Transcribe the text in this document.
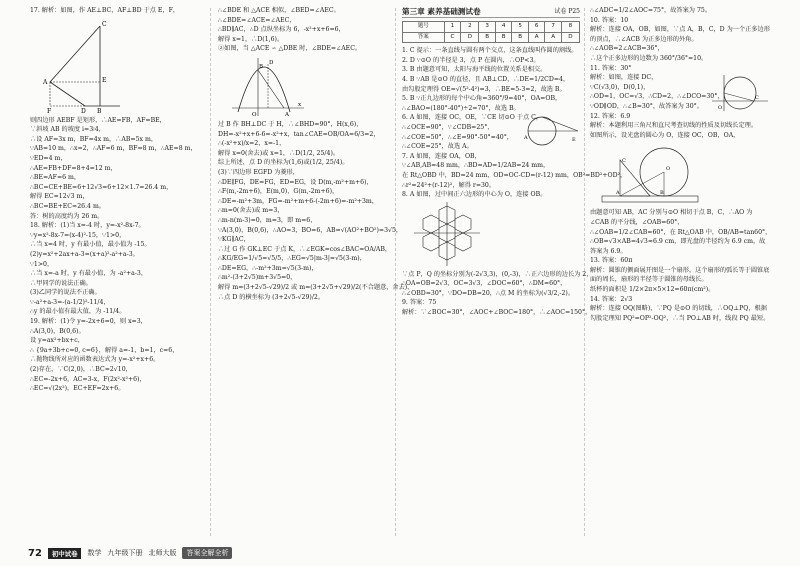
17. 解析：如图，作 AE⊥BC，AF⊥BD 于点 E，F，
C
A	E
F	D B
则四边形 AEBF 是矩形，∴AE=FB，AF=BE，
∵斜坡 AB 的坡度 i=3∶4，
∴设 AF=3x m，BF=4x m，∴AB=5x m，
∵AB=10 m，∴x=2，∴AF=6 m，BF=8 m，∴AE=8 m，
∵ED=4 m，
∴AE=FB+DF=8+4=12 m，
∴BE=AF=6 m，
∴BC=CE+BE=6+12√3=6+12×1.7=26.4 m，
解得 EC=12√3 m，
∴BC=BE+EC≈26.4 m。
答：树的高度约为 26 m。
18. 解析：(1)当 x=-4 时，y=-x²-8x-7。
∵y=x²-8x-7=(x-4)²-15，∵1>0，
∴当 x=4 时，y 有最小值，最小值为 -15。
(2)y=x²+2ax+a-3=(x+a)²-a²+a-3。
∵1>0，
∴当 x=-a 时，y 有最小值，为 -a²+a-3，
∴甲同学的说法正确。
(3)乙同学的说法不正确。
∵-a²+a-3=-(a-1/2)²-11/4，
∴y 的最小值有最大值，为 -11/4。
19. 解析：(1)令 y=-2x+6=0，则 x=3，
∴A(3,0)，B(0,6)。
设 y=ax²+bx+c，
∴ {9a+3b+c=0, c=6}，解得 a=-1，b=1，c=6，
∴抛物线所对应的函数表达式为 y=-x²+x+6。
(2)存在，∵C(2,0)，∴BC=2√10，
∴EC=-2x+6，AC=3-x，F(2x²-x²+6)，
∴EC=√(2x²)，EC+EF=2x+6。
∴∠BDE 和 △ACE 相似，∠BED=∠AEC。
∴∠BDE=∠ACE=∠AEC，
∴BD∥AC，∴D 点纵坐标为 6，-x²+x+6=6，
解得 x=1，∴D(1,6)。
②如图，当 △ACE ∽ △DBE 时，∠BDE=∠AEC。
O
B
D
A
x
过 B 作 BH⊥DC 于 H，∴∠BHD=90°，H(x,6)，
DH=-x²+x+6-6=-x²+x，tan∠CAE=OB/OA=6/3=2，
∴(-x²+x)/x=2，x=-1，
解得 x=0(舍去)或 x=1，∴D(1/2, 25/4)。
综上所述，点 D 的坐标为(1,6)或(1/2, 25/4)。
(3)∵四边形 EGFD 为菱形，
∴DE∥FG，DE=FG，ED=EG，设 D(m,-m²+m+6)，
∴F(m,-2m+6)，E(m,0)，G(m,-2m+6)，
∴DE=-m²+3m，FG=-m²+m+6-(-2m+6)=-m²+3m，
∴m=0(舍去)或 m=3，
∴m-n(m-3)=0，m=3，即 m=6，
∵A(3,0)，B(0,6)，∴AO=3，BO=6，AB=√(AO²+BO²)=3√5，
∵KG∥AC，
∴过 G 作 GK⊥EC 于点 K，∴∠EGK=cos∠BAC=OA/AB，
∴KG/EG=1/√5=√5/5，∴EG=√5|m-3|=√5(3-m)，
∴DE=EG，∴-m²+3m=√5(3-m)，
∴m²-(3+2√5)m+3√5=0，
解得 m=(3+2√5-√29)/2 或 m=(3+2√5+√29)/2(不合题意，舍去)，
∴点 D 的横坐标为 (3+2√5-√29)/2。
第三章 素养基础测试卷	试卷 P25
题号	1	2	3	4	5	6	7	8
答案	C	D	B	B	B	A	A	D
1. C 提示：一条直线与圆有两个交点，这条直线叫作圆的割线。
2. D ∵⊙O 的半径是 3，点 P 在圆内，∴OP<3。
3. B 由题意可知，太阳与海平线的位置关系是相交。
4. B ∵AB 是⊙O 的直径，且 AB⊥CD，∴DE=1/2CD=4，
由勾股定理得 OE=√(5²-4²)=3，∴BE=5-3=2，故选 B。
5. B ∵正九边形的每个中心角=360°/9=40°，OA=OB，
∴∠BAO=(180°-40°)÷2=70°，故选 B。
A	E
6. A 如图，连接 OC，OE，∵CE 切⊙O 于点 C，
∴∠OCE=90°，∵∠CDB=25°，
∴∠COE=50°，∴∠E=90°-50°=40°，
∴∠COE=25°，故选 A。
7. A 如图，连接 OA，OB，
∵∠AB,AB=48 mm，∴BD=AD=1/2AB=24 mm，
在 Rt△OBD 中，BD=24 mm，OD=OC-CD=(r-12) mm，OB²=BD²+OD²，
∴r²=24²+(r-12)²，解得 r=30。
8. A 如图，过中间正六边形的中心为 O，连接 OB。
∵点 P，Q 的坐标分别为(-2√3,3)，(0,-3)，∴正六边形的边长为 2，
∴OA=OB=2√3，OC=3√3，∠DOC=60°，∴DM=60°，
∴∠OBD=30°，∵DO=DB=20，∴点 M 的坐标为(√3/2,-2)。
9. 答案：75
解析：∵∠BOC=30°，∠AOC+∠BOC=180°，∴∠AOC=150°，
∴∠ADC=1/2∠AOC=75°，故答案为 75。
10. 答案：10
解析：连接 OA，OB，如图，∵点 A，B，C，D 为一个正多边形的顶点，∴∠ACB 为正多边形的外角。
∴∠AOB=2∠ACB=36°，
∴这个正多边形的边数为 360°/36°=10。
11. 答案：30°
O
C
解析：如图，连接 DC，
∵C(√3,0)，D(0,1)，
∴OD=1，OC=√3，∴CD=2，∴∠DCO=30°，
∵OD∥OD，∴∠B=30°，故答案为 30°。
12. 答案：6.9
解析：本题利用三角尺和直尺考查切线的性质及切线长定理。
如图所示，设光盘的圆心为 O，连接 OC，OB，OA，
O
A	B
C
由题意可知 AB，AC 分别与⊙O 相切于点 B，C，∴AO 为∠CAB 的平分线，∠OAB=60°，
∴∠OAB=1/2∠CAB=60°，在 Rt△OAB 中，OB/AB=tan60°，
∴OB=√3×AB=4√3≈6.9 cm，即光盘的半径约为 6.9 cm，故答案为 6.9。
13. 答案：60π
解析：圆锥的侧面展开图是一个扇形，这个扇形的弧长等于圆锥底面的周长，扇形的半径等于圆锥的母线长。
纸杯的面积是 1/2×2π×5×12=60π(cm²)。
14. 答案：2√3
解析：连接 OQ(图略)，∵PQ 是⊙O 的切线，∴OQ⊥PQ，根据勾股定理知 PQ²=OP²-OQ²，∴当 PO⊥AB 时，线段 PQ 最短。
72	初中试卷	数学 九年级下册 北师大版	答案全解全析
